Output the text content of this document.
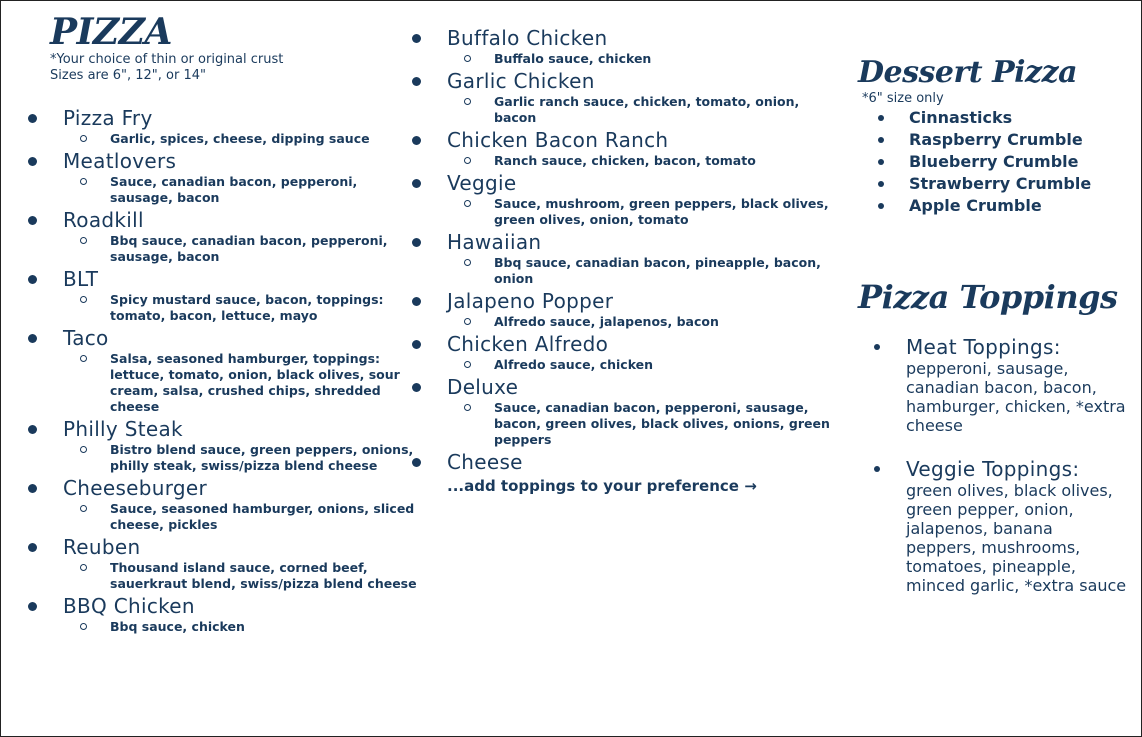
PIZZA

*Your choice of thin or original crust

Sizes are 6", 12", or 14"

Pizza Fry
Garlic, spices, cheese, dipping sauce
Meatlovers
Sauce, canadian bacon, pepperoni, sausage, bacon
Roadkill
Bbq sauce, canadian bacon, pepperoni, sausage, bacon
BLT
Spicy mustard sauce, bacon, toppings: tomato, bacon, lettuce, mayo
Taco
Salsa, seasoned hamburger, toppings: lettuce, tomato, onion, black olives, sour cream, salsa, crushed chips, shredded cheese
Philly Steak
Bistro blend sauce, green peppers, onions, philly steak, swiss/pizza blend cheese
Cheeseburger
Sauce, seasoned hamburger, onions, sliced cheese, pickles
Reuben
Thousand island sauce, corned beef, sauerkraut blend, swiss/pizza blend cheese
BBQ Chicken
Bbq sauce, chicken
Buffalo Chicken
Buffalo sauce, chicken
Garlic Chicken
Garlic ranch sauce, chicken, tomato, onion, bacon
Chicken Bacon Ranch
Ranch sauce, chicken, bacon, tomato
Veggie
Sauce, mushroom, green peppers, black olives, green olives, onion, tomato
Hawaiian
Bbq sauce, canadian bacon, pineapple, bacon, onion
Jalapeno Popper
Alfredo sauce, jalapenos, bacon
Chicken Alfredo
Alfredo sauce, chicken
Deluxe
Sauce, canadian bacon, pepperoni, sausage, bacon, green olives, black olives, onions, green peppers
Cheese
...add toppings to your preference →
Dessert Pizza

*6" size only

Cinnasticks
Raspberry Crumble
Blueberry Crumble
Strawberry Crumble
Apple Crumble
Pizza Toppings
Meat Toppings:
pepperoni, sausage, canadian bacon, bacon, hamburger, chicken, *extra cheese
Veggie Toppings:
green olives, black olives, green pepper, onion, jalapenos, banana peppers, mushrooms, tomatoes, pineapple, minced garlic, *extra sauce
